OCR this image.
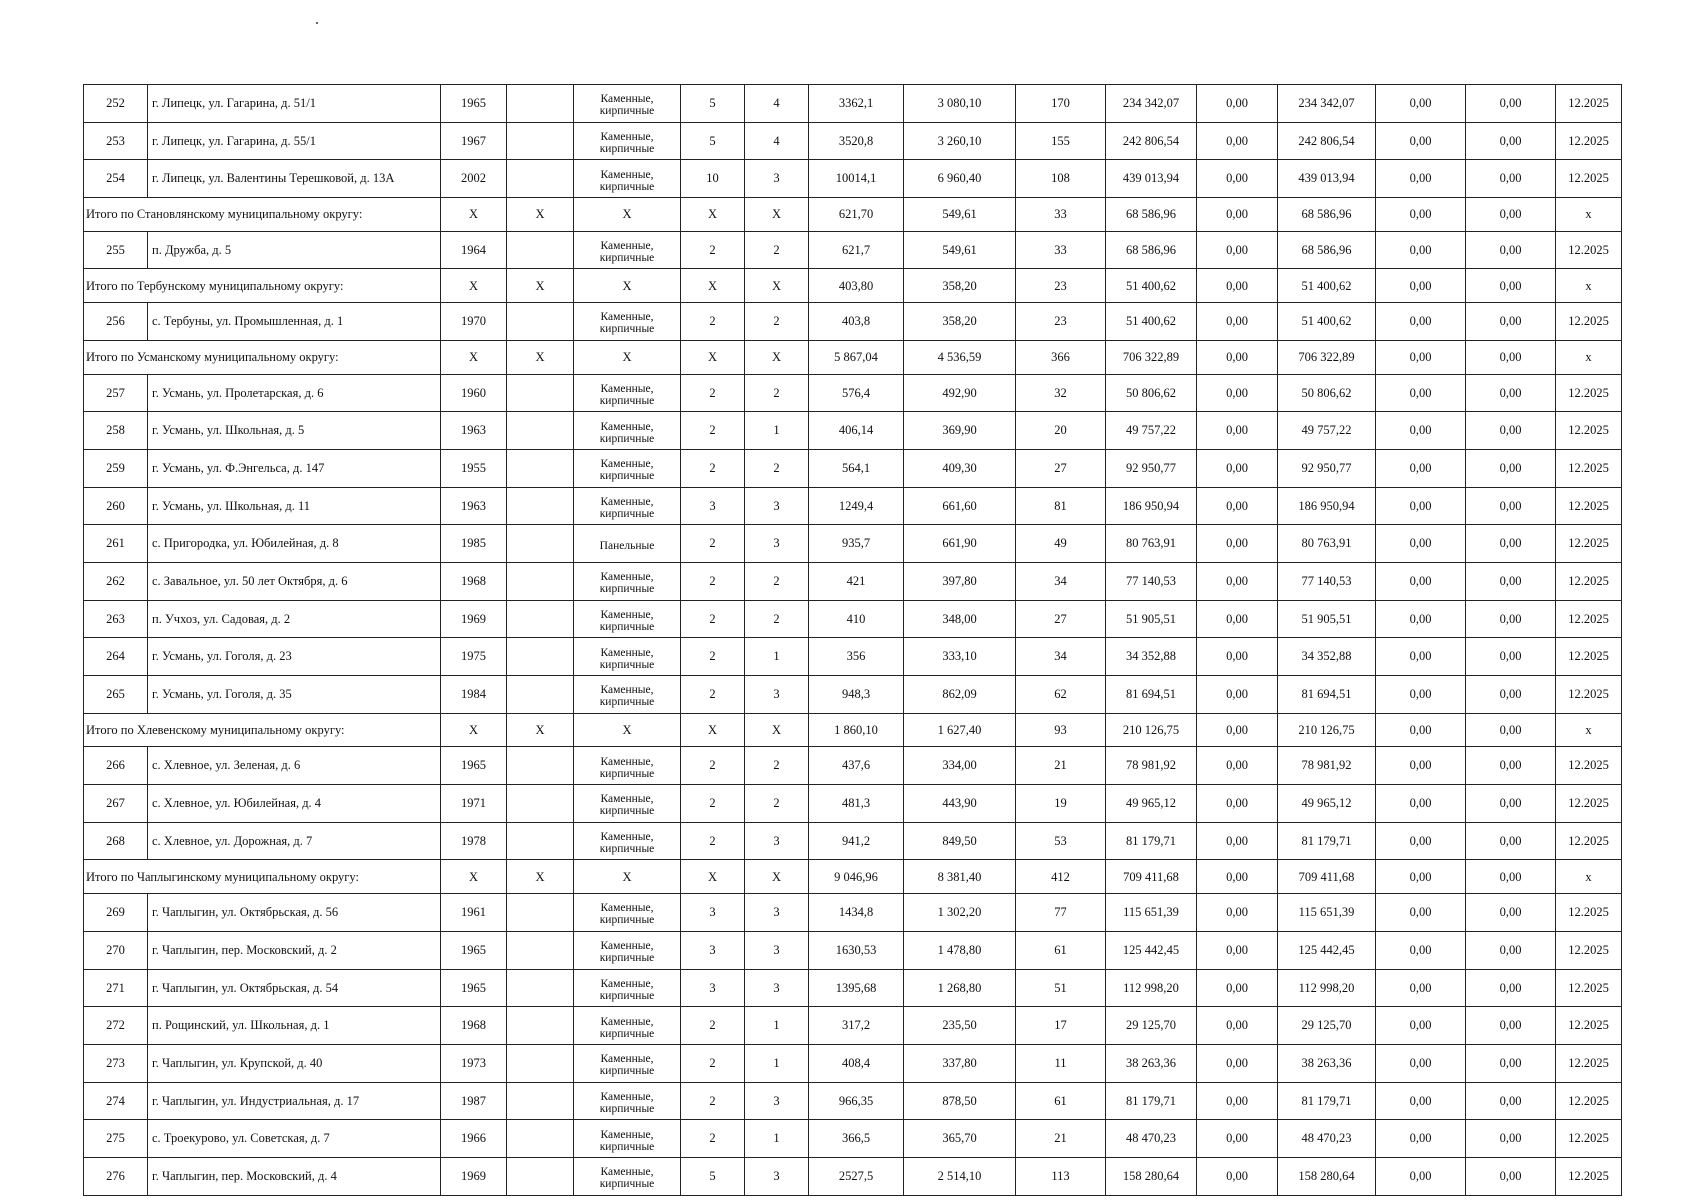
252	г. Липецк, ул. Гагарина, д. 51/1	1965		Каменные,
кирпичные	5	4	3362,1	3 080,10	170	234 342,07	0,00	234 342,07	0,00	0,00	12.2025
253	г. Липецк, ул. Гагарина, д. 55/1	1967		Каменные,
кирпичные	5	4	3520,8	3 260,10	155	242 806,54	0,00	242 806,54	0,00	0,00	12.2025
254	г. Липецк, ул. Валентины Терешковой, д. 13А	2002		Каменные,
кирпичные	10	3	10014,1	6 960,40	108	439 013,94	0,00	439 013,94	0,00	0,00	12.2025
Итого по Становлянскому муниципальному округу:		X	X	X	X	X	621,70	549,61	33	68 586,96	0,00	68 586,96	0,00	0,00	x
255	п. Дружба, д. 5	1964		Каменные,
кирпичные	2	2	621,7	549,61	33	68 586,96	0,00	68 586,96	0,00	0,00	12.2025
Итого по Тербунскому муниципальному округу:		X	X	X	X	X	403,80	358,20	23	51 400,62	0,00	51 400,62	0,00	0,00	x
256	с. Тербуны, ул. Промышленная, д. 1	1970		Каменные,
кирпичные	2	2	403,8	358,20	23	51 400,62	0,00	51 400,62	0,00	0,00	12.2025
Итого по Усманскому муниципальному округу:		X	X	X	X	X	5 867,04	4 536,59	366	706 322,89	0,00	706 322,89	0,00	0,00	x
257	г. Усмань, ул. Пролетарская, д. 6	1960		Каменные,
кирпичные	2	2	576,4	492,90	32	50 806,62	0,00	50 806,62	0,00	0,00	12.2025
258	г. Усмань, ул. Школьная, д. 5	1963		Каменные,
кирпичные	2	1	406,14	369,90	20	49 757,22	0,00	49 757,22	0,00	0,00	12.2025
259	г. Усмань, ул. Ф.Энгельса, д. 147	1955		Каменные,
кирпичные	2	2	564,1	409,30	27	92 950,77	0,00	92 950,77	0,00	0,00	12.2025
260	г. Усмань, ул. Школьная, д. 11	1963		Каменные,
кирпичные	3	3	1249,4	661,60	81	186 950,94	0,00	186 950,94	0,00	0,00	12.2025
261	с. Пригородка, ул. Юбилейная, д. 8	1985		Панельные	2	3	935,7	661,90	49	80 763,91	0,00	80 763,91	0,00	0,00	12.2025
262	с. Завальное, ул. 50 лет Октября, д. 6	1968		Каменные,
кирпичные	2	2	421	397,80	34	77 140,53	0,00	77 140,53	0,00	0,00	12.2025
263	п. Учхоз, ул. Садовая, д. 2	1969		Каменные,
кирпичные	2	2	410	348,00	27	51 905,51	0,00	51 905,51	0,00	0,00	12.2025
264	г. Усмань, ул. Гоголя, д. 23	1975		Каменные,
кирпичные	2	1	356	333,10	34	34 352,88	0,00	34 352,88	0,00	0,00	12.2025
265	г. Усмань, ул. Гоголя, д. 35	1984		Каменные,
кирпичные	2	3	948,3	862,09	62	81 694,51	0,00	81 694,51	0,00	0,00	12.2025
Итого по Хлевенскому муниципальному округу:		X	X	X	X	X	1 860,10	1 627,40	93	210 126,75	0,00	210 126,75	0,00	0,00	x
266	с. Хлевное, ул. Зеленая, д. 6	1965		Каменные,
кирпичные	2	2	437,6	334,00	21	78 981,92	0,00	78 981,92	0,00	0,00	12.2025
267	с. Хлевное, ул. Юбилейная, д. 4	1971		Каменные,
кирпичные	2	2	481,3	443,90	19	49 965,12	0,00	49 965,12	0,00	0,00	12.2025
268	с. Хлевное, ул. Дорожная, д. 7	1978		Каменные,
кирпичные	2	3	941,2	849,50	53	81 179,71	0,00	81 179,71	0,00	0,00	12.2025
Итого по Чаплыгинскому муниципальному округу:		X	X	X	X	X	9 046,96	8 381,40	412	709 411,68	0,00	709 411,68	0,00	0,00	x
269	г. Чаплыгин, ул. Октябрьская, д. 56	1961		Каменные,
кирпичные	3	3	1434,8	1 302,20	77	115 651,39	0,00	115 651,39	0,00	0,00	12.2025
270	г. Чаплыгин, пер. Московский, д. 2	1965		Каменные,
кирпичные	3	3	1630,53	1 478,80	61	125 442,45	0,00	125 442,45	0,00	0,00	12.2025
271	г. Чаплыгин, ул. Октябрьская, д. 54	1965		Каменные,
кирпичные	3	3	1395,68	1 268,80	51	112 998,20	0,00	112 998,20	0,00	0,00	12.2025
272	п. Рощинский, ул. Школьная, д. 1	1968		Каменные,
кирпичные	2	1	317,2	235,50	17	29 125,70	0,00	29 125,70	0,00	0,00	12.2025
273	г. Чаплыгин, ул. Крупской, д. 40	1973		Каменные,
кирпичные	2	1	408,4	337,80	11	38 263,36	0,00	38 263,36	0,00	0,00	12.2025
274	г. Чаплыгин, ул. Индустриальная, д. 17	1987		Каменные,
кирпичные	2	3	966,35	878,50	61	81 179,71	0,00	81 179,71	0,00	0,00	12.2025
275	с. Троекурово, ул. Советская, д. 7	1966		Каменные,
кирпичные	2	1	366,5	365,70	21	48 470,23	0,00	48 470,23	0,00	0,00	12.2025
276	г. Чаплыгин, пер. Московский, д. 4	1969		Каменные,
кирпичные	5	3	2527,5	2 514,10	113	158 280,64	0,00	158 280,64	0,00	0,00	12.2025
